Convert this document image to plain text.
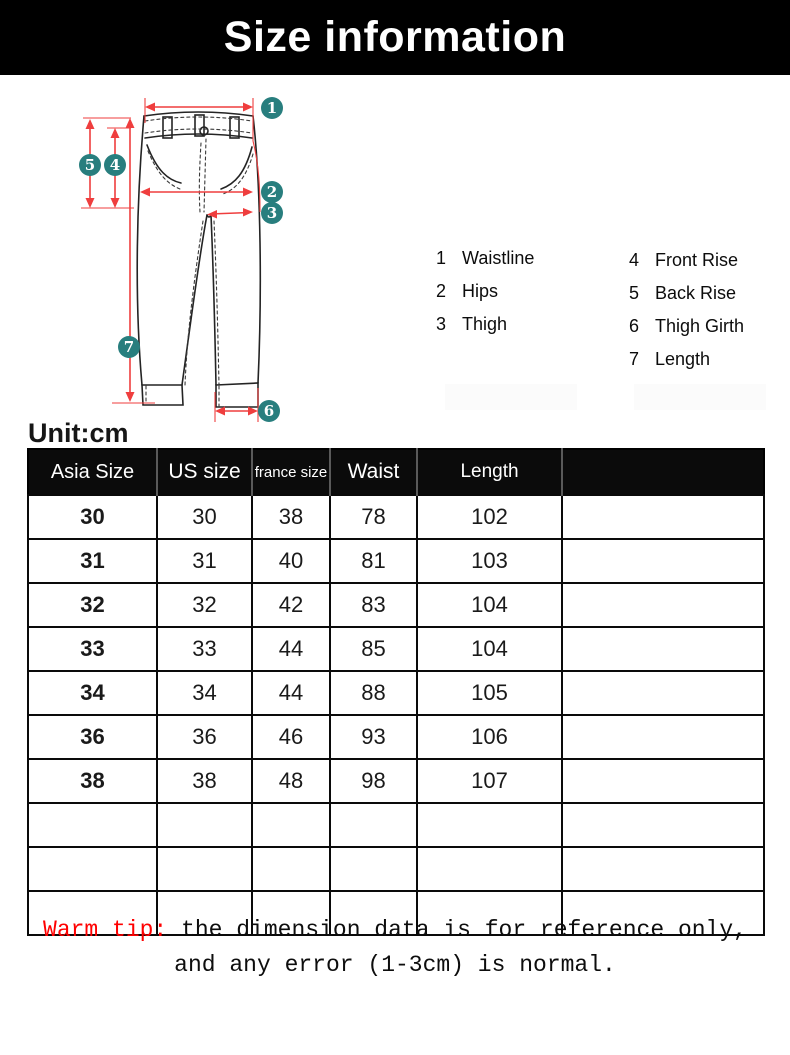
Size information
1
2
3
4
5
6
7
1 Waistline
2 Hips
3 Thigh
4 Front Rise
5 Back Rise
6 Thigh Girth
7 Length
Unit:cm
Asia Size	US size	france size	Waist	Length	
30	30	38	78	102	
31	31	40	81	103	
32	32	42	83	104	
33	33	44	85	104	
34	34	44	88	105	
36	36	46	93	106	
38	38	48	98	107	

Warm tip: the dimension data is for reference only,
and any error (1-3cm) is normal.
